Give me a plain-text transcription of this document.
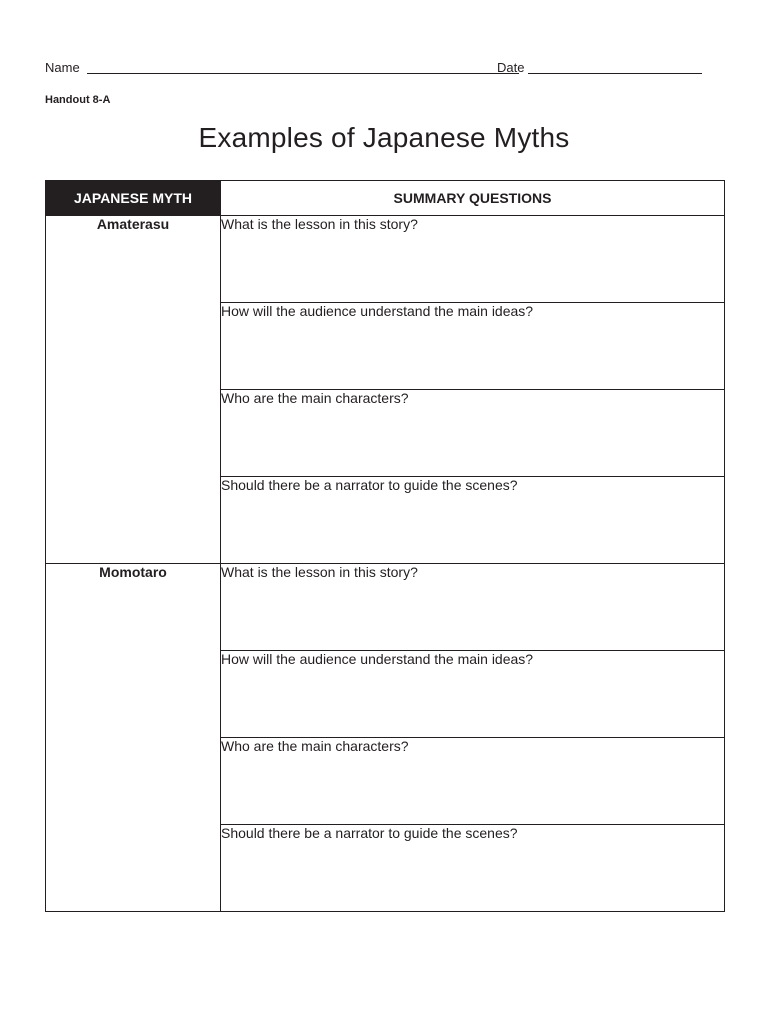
Name	Date
Handout 8-A
Examples of Japanese Myths
JAPANESE MYTH	SUMMARY QUESTIONS
Amaterasu	What is the lesson in this story?
	How will the audience understand the main ideas?
	Who are the main characters?
	Should there be a narrator to guide the scenes?
Momotaro	What is the lesson in this story?
	How will the audience understand the main ideas?
	Who are the main characters?
	Should there be a narrator to guide the scenes?
